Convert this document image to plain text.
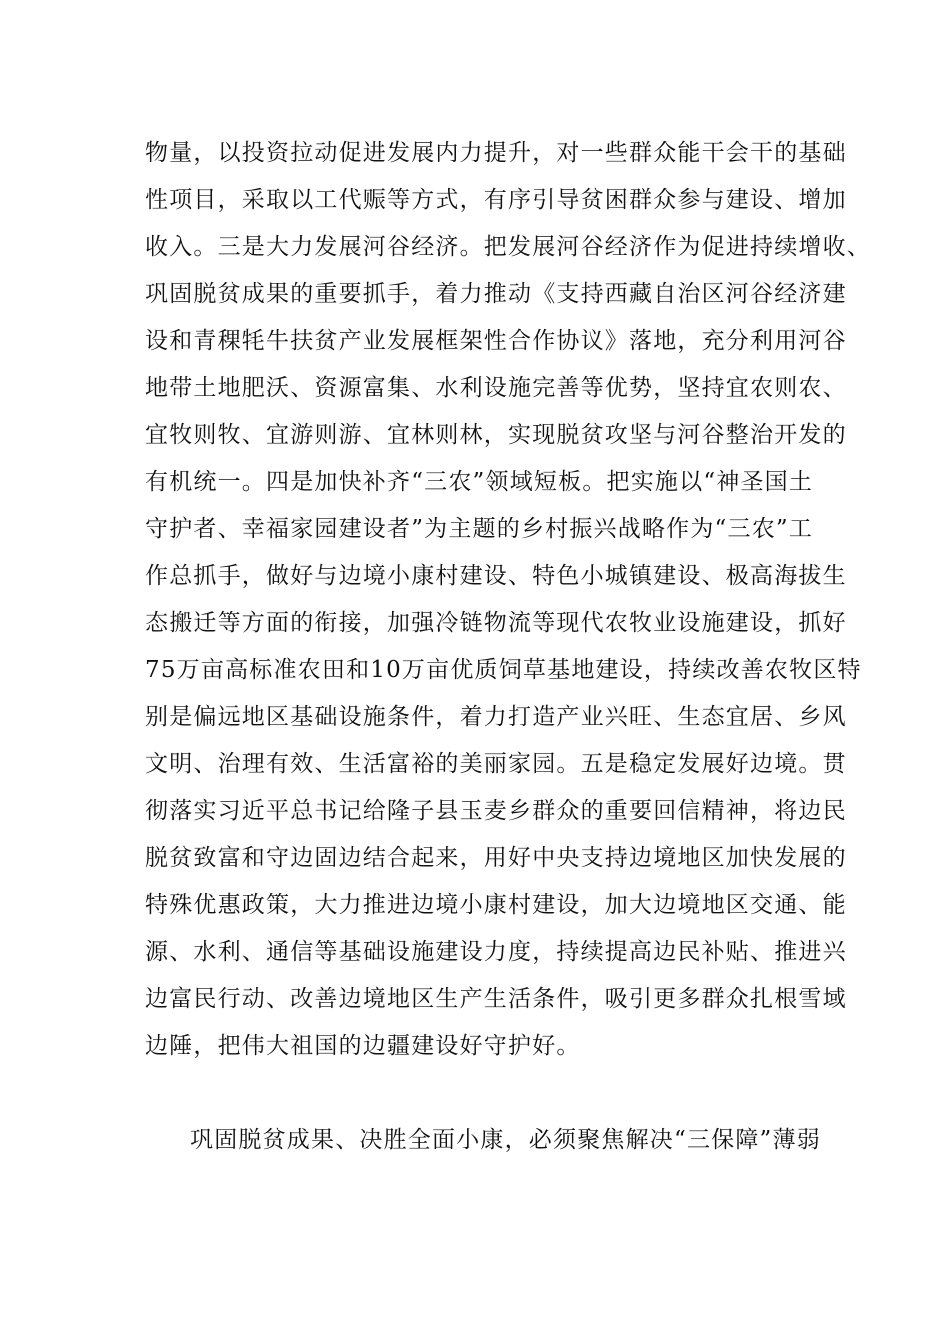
物量，以投资拉动促进发展内力提升，对一些群众能干会干的基础
性项目，采取以工代赈等方式，有序引导贫困群众参与建设、增加
收入。三是大力发展河谷经济。把发展河谷经济作为促进持续增收、
巩固脱贫成果的重要抓手，着力推动《支持西藏自治区河谷经济建
设和青稞牦牛扶贫产业发展框架性合作协议》落地，充分利用河谷
地带土地肥沃、资源富集、水利设施完善等优势，坚持宜农则农、
宜牧则牧、宜游则游、宜林则林，实现脱贫攻坚与河谷整治开发的
有机统一。四是加快补齐“三农”领域短板。把实施以“神圣国土
守护者、幸福家园建设者”为主题的乡村振兴战略作为“三农”工
作总抓手，做好与边境小康村建设、特色小城镇建设、极高海拔生
态搬迁等方面的衔接，加强冷链物流等现代农牧业设施建设，抓好
75万亩高标准农田和10万亩优质饲草基地建设，持续改善农牧区特
别是偏远地区基础设施条件，着力打造产业兴旺、生态宜居、乡风
文明、治理有效、生活富裕的美丽家园。五是稳定发展好边境。贯
彻落实习近平总书记给隆子县玉麦乡群众的重要回信精神，将边民
脱贫致富和守边固边结合起来，用好中央支持边境地区加快发展的
特殊优惠政策，大力推进边境小康村建设，加大边境地区交通、能
源、水利、通信等基础设施建设力度，持续提高边民补贴、推进兴
边富民行动、改善边境地区生产生活条件，吸引更多群众扎根雪域
边陲，把伟大祖国的边疆建设好守护好。
巩固脱贫成果、决胜全面小康，必须聚焦解决“三保障”薄弱
